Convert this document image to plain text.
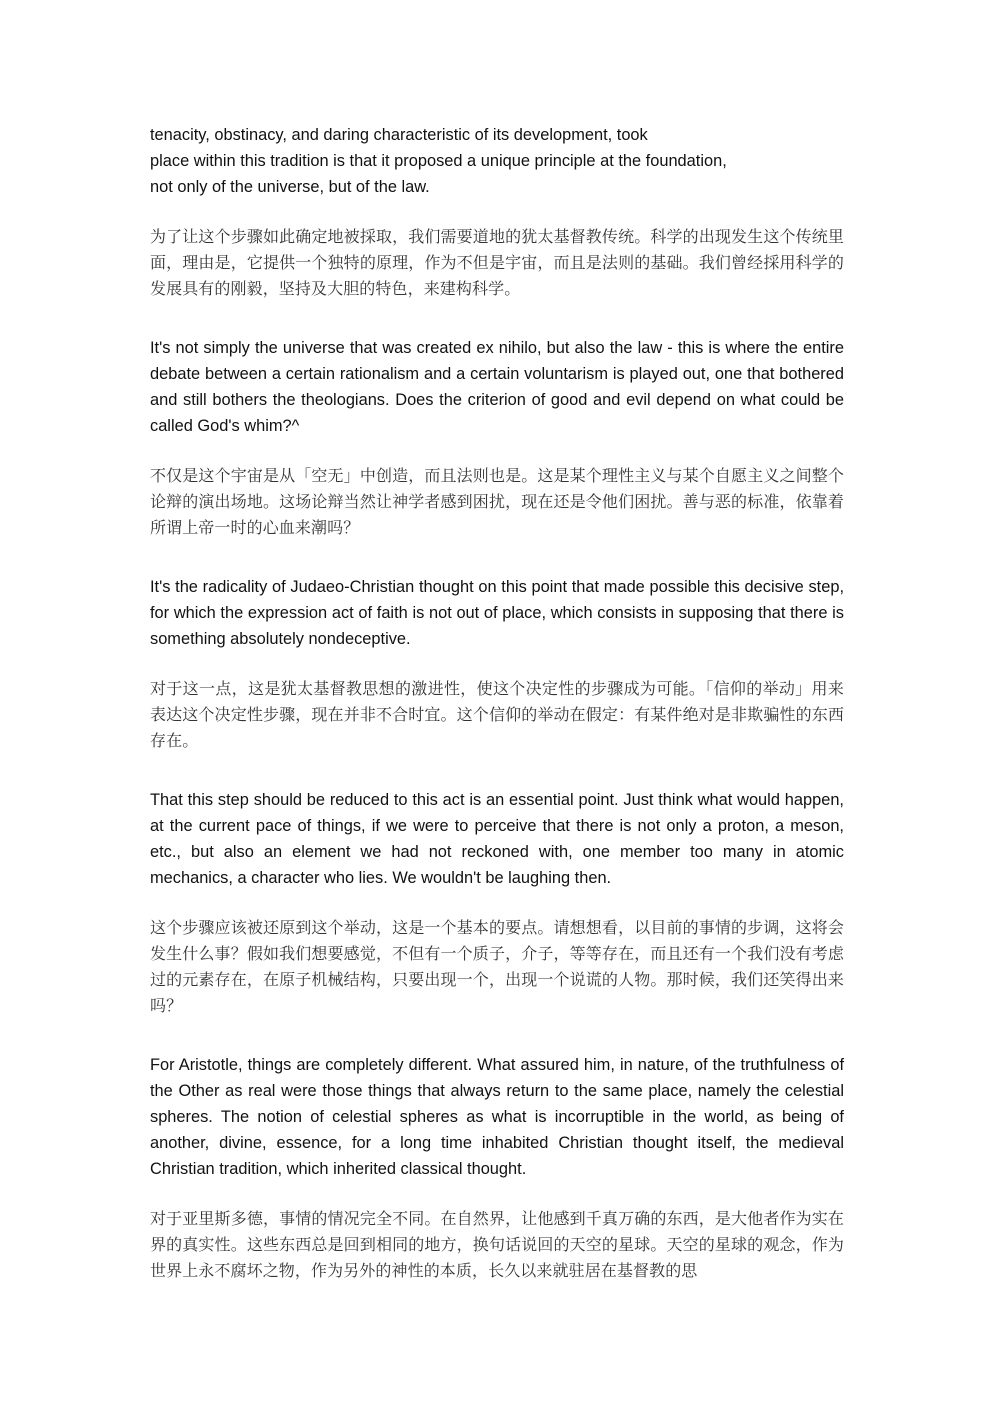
tenacity, obstinacy, and daring characteristic of its development, took
place within this tradition is that it proposed a unique principle at the foundation,
not only of the universe, but of the law.

为了让这个步骤如此确定地被採取，我们需要道地的犹太基督教传统。科学的出现发生这个传统里面，理由是，它提供一个独特的原理，作为不但是宇宙，而且是法则的基础。我们曾经採用科学的发展具有的刚毅，坚持及大胆的特色，来建构科学。

It's not simply the universe that was created ex nihilo, but also the law - this is where the entire debate between a certain rationalism and a certain voluntarism is played out, one that bothered and still bothers the theologians. Does the criterion of good and evil depend on what could be called God's whim?^

不仅是这个宇宙是从「空无」中创造，而且法则也是。这是某个理性主义与某个自愿主义之间整个论辩的演出场地。这场论辩当然让神学者感到困扰，现在还是令他们困扰。善与恶的标准，依靠着所谓上帝一时的心血来潮吗？

It's the radicality of Judaeo-Christian thought on this point that made possible this decisive step, for which the expression act of faith is not out of place, which consists in supposing that there is something absolutely nondeceptive.

对于这一点，这是犹太基督教思想的激进性，使这个决定性的步骤成为可能。「信仰的举动」用来表达这个决定性步骤，现在并非不合时宜。这个信仰的举动在假定：有某件绝对是非欺骗性的东西存在。

That this step should be reduced to this act is an essential point. Just think what would happen, at the current pace of things, if we were to perceive that there is not only a proton, a meson, etc., but also an element we had not reckoned with, one member too many in atomic mechanics, a character who lies. We wouldn't be laughing then.

这个步骤应该被还原到这个举动，这是一个基本的要点。请想想看，以目前的事情的步调，这将会发生什么事？假如我们想要感觉，不但有一个质子，介子，等等存在，而且还有一个我们没有考虑过的元素存在，在原子机械结构，只要出现一个，出现一个说谎的人物。那时候，我们还笑得出来吗？

For Aristotle, things are completely different. What assured him, in nature, of the truthfulness of the Other as real were those things that always return to the same place, namely the celestial spheres. The notion of celestial spheres as what is incorruptible in the world, as being of another, divine, essence, for a long time inhabited Christian thought itself, the medieval Christian tradition, which inherited classical thought.

对于亚里斯多德，事情的情况完全不同。在自然界，让他感到千真万确的东西，是大他者作为实在界的真实性。这些东西总是回到相同的地方，换句话说回的天空的星球。天空的星球的观念，作为世界上永不腐坏之物，作为另外的神性的本质，长久以来就驻居在基督教的思
